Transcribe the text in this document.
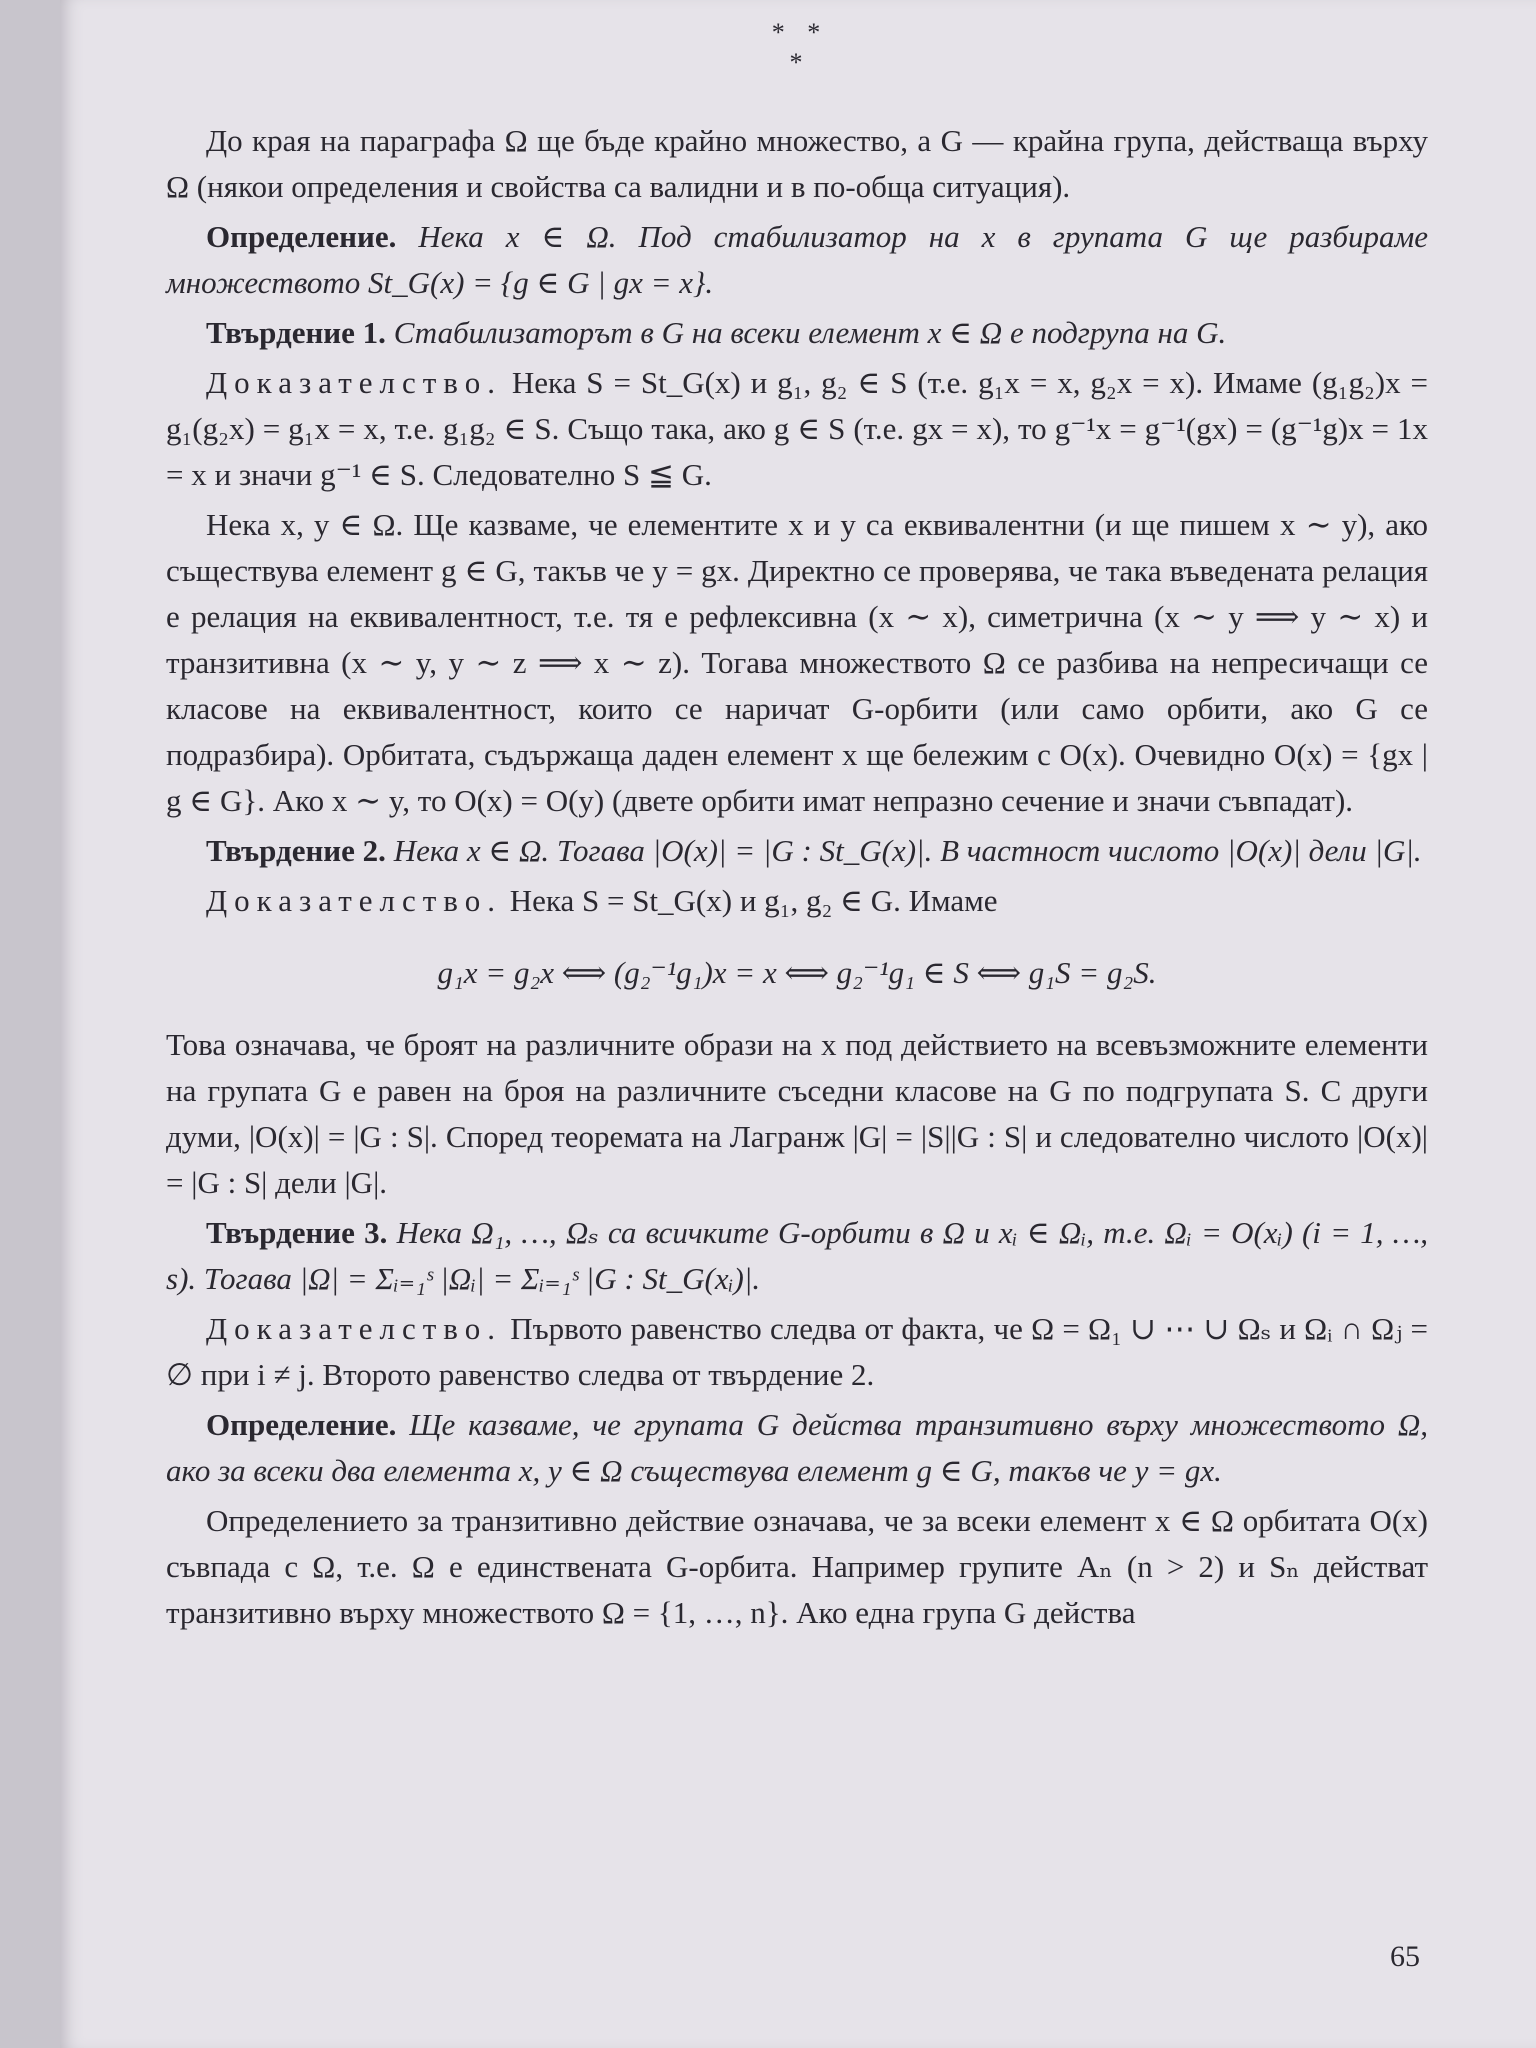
* * *

До края на параграфа Ω ще бъде крайно множество, а G — крайна група, действаща върху Ω (някои определения и свойства са валидни и в по-обща ситуация).

Определение. Нека x ∈ Ω. Под стабилизатор на x в групата G ще разбираме множеството St_G(x) = {g ∈ G | gx = x}.

Твърдение 1. Стабилизаторът в G на всеки елемент x ∈ Ω е подгрупа на G.

Доказателство. Нека S = St_G(x) и g₁, g₂ ∈ S (т.е. g₁x = x, g₂x = x). Имаме (g₁g₂)x = g₁(g₂x) = g₁x = x, т.е. g₁g₂ ∈ S. Също така, ако g ∈ S (т.е. gx = x), то g⁻¹x = g⁻¹(gx) = (g⁻¹g)x = 1x = x и значи g⁻¹ ∈ S. Следователно S ≦ G.

Нека x, y ∈ Ω. Ще казваме, че елементите x и y са еквивалентни (и ще пишем x ∼ y), ако съществува елемент g ∈ G, такъв че y = gx. Директно се проверява, че така въведената релация е релация на еквивалентност, т.е. тя е рефлексивна (x ∼ x), симетрична (x ∼ y ⟹ y ∼ x) и транзитивна (x ∼ y, y ∼ z ⟹ x ∼ z). Тогава множеството Ω се разбива на непресичащи се класове на еквивалентност, които се наричат G-орбити (или само орбити, ако G се подразбира). Орбитата, съдържаща даден елемент x ще бележим с O(x). Очевидно O(x) = {gx | g ∈ G}. Ако x ∼ y, то O(x) = O(y) (двете орбити имат непразно сечение и значи съвпадат).

Твърдение 2. Нека x ∈ Ω. Тогава |O(x)| = |G : St_G(x)|. В частност числото |O(x)| дели |G|.

Доказателство. Нека S = St_G(x) и g₁, g₂ ∈ G. Имаме

g₁x = g₂x ⟺ (g₂⁻¹g₁)x = x ⟺ g₂⁻¹g₁ ∈ S ⟺ g₁S = g₂S.

Това означава, че броят на различните образи на x под действието на всевъзможните елементи на групата G е равен на броя на различните съседни класове на G по подгрупата S. С други думи, |O(x)| = |G : S|. Според теоремата на Лагранж |G| = |S||G : S| и следователно числото |O(x)| = |G : S| дели |G|.

Твърдение 3. Нека Ω₁, …, Ωₛ са всичките G-орбити в Ω и xᵢ ∈ Ωᵢ, т.е. Ωᵢ = O(xᵢ) (i = 1, …, s). Тогава |Ω| = Σᵢ₌₁ˢ |Ωᵢ| = Σᵢ₌₁ˢ |G : St_G(xᵢ)|.

Доказателство. Първото равенство следва от факта, че Ω = Ω₁ ∪ ⋯ ∪ Ωₛ и Ωᵢ ∩ Ωⱼ = ∅ при i ≠ j. Второто равенство следва от твърдение 2.

Определение. Ще казваме, че групата G действа транзитивно върху множеството Ω, ако за всеки два елемента x, y ∈ Ω съществува елемент g ∈ G, такъв че y = gx.

Определението за транзитивно действие означава, че за всеки елемент x ∈ Ω орбитата O(x) съвпада с Ω, т.е. Ω е единствената G-орбита. Например групите Aₙ (n > 2) и Sₙ действат транзитивно върху множеството Ω = {1, …, n}. Ако една група G действа

65
